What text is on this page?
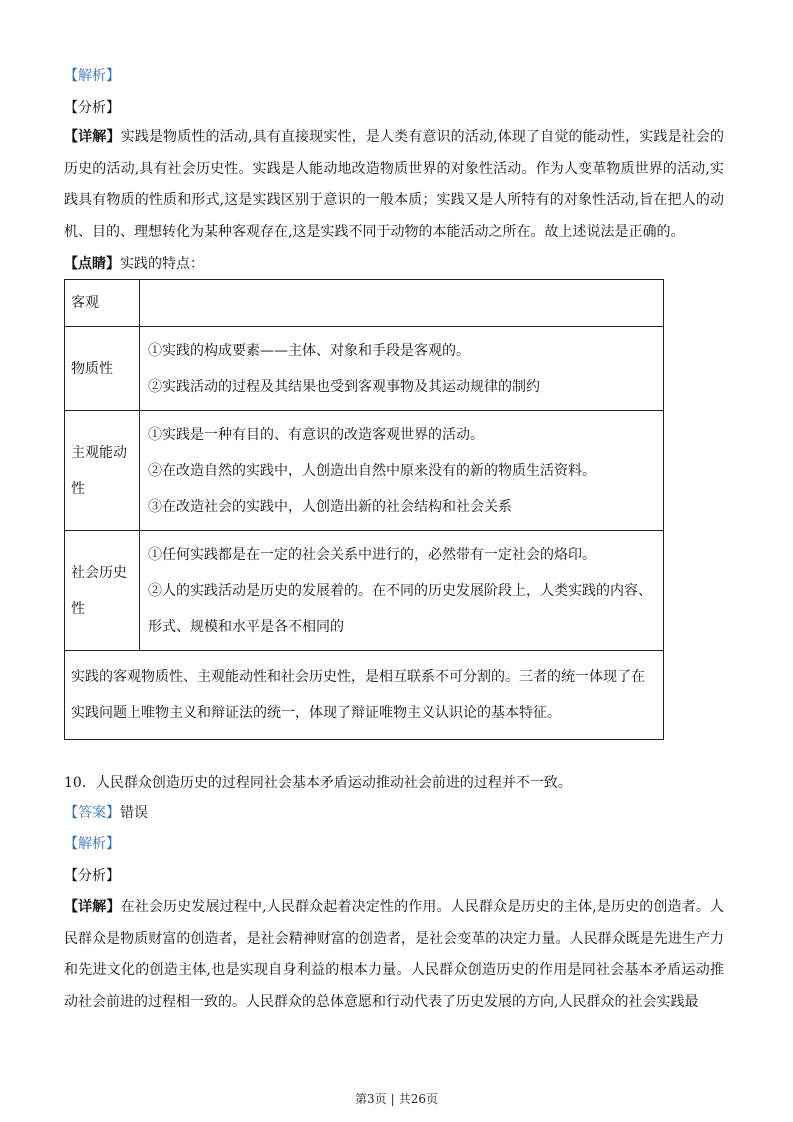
【解析】
【分析】
【详解】实践是物质性的活动,具有直接现实性，是人类有意识的活动,体现了自觉的能动性，实践是社会的历史的活动,具有社会历史性。实践是人能动地改造物质世界的对象性活动。作为人变革物质世界的活动,实践具有物质的性质和形式,这是实践区别于意识的一般本质；实践又是人所特有的对象性活动,旨在把人的动机、目的、理想转化为某种客观存在,这是实践不同于动物的本能活动之所在。故上述说法是正确的。
【点睛】实践的特点：
客观	
物质性	①实践的构成要素——主体、对象和手段是客观的。
②实践活动的过程及其结果也受到客观事物及其运动规律的制约

主观能动性	①实践是一种有目的、有意识的改造客观世界的活动。
②在改造自然的实践中，人创造出自然中原来没有的新的物质生活资料。
③在改造社会的实践中，人创造出新的社会结构和社会关系

社会历史性	①任何实践都是在一定的社会关系中进行的，必然带有一定社会的烙印。
②人的实践活动是历史的发展着的。在不同的历史发展阶段上，人类实践的内容、形式、规模和水平是各不相同的

实践的客观物质性、主观能动性和社会历史性，是相互联系不可分割的。三者的统一体现了在实践问题上唯物主义和辩证法的统一，体现了辩证唯物主义认识论的基本特征。	
10．人民群众创造历史的过程同社会基本矛盾运动推动社会前进的过程并不一致。
【答案】错误
【解析】
【分析】
【详解】在社会历史发展过程中,人民群众起着决定性的作用。人民群众是历史的主体,是历史的创造者。人民群众是物质财富的创造者，是社会精神财富的创造者，是社会变革的决定力量。人民群众既是先进生产力和先进文化的创造主体,也是实现自身利益的根本力量。人民群众创造历史的作用是同社会基本矛盾运动推动社会前进的过程相一致的。人民群众的总体意愿和行动代表了历史发展的方向,人民群众的社会实践最
第3页 | 共26页
